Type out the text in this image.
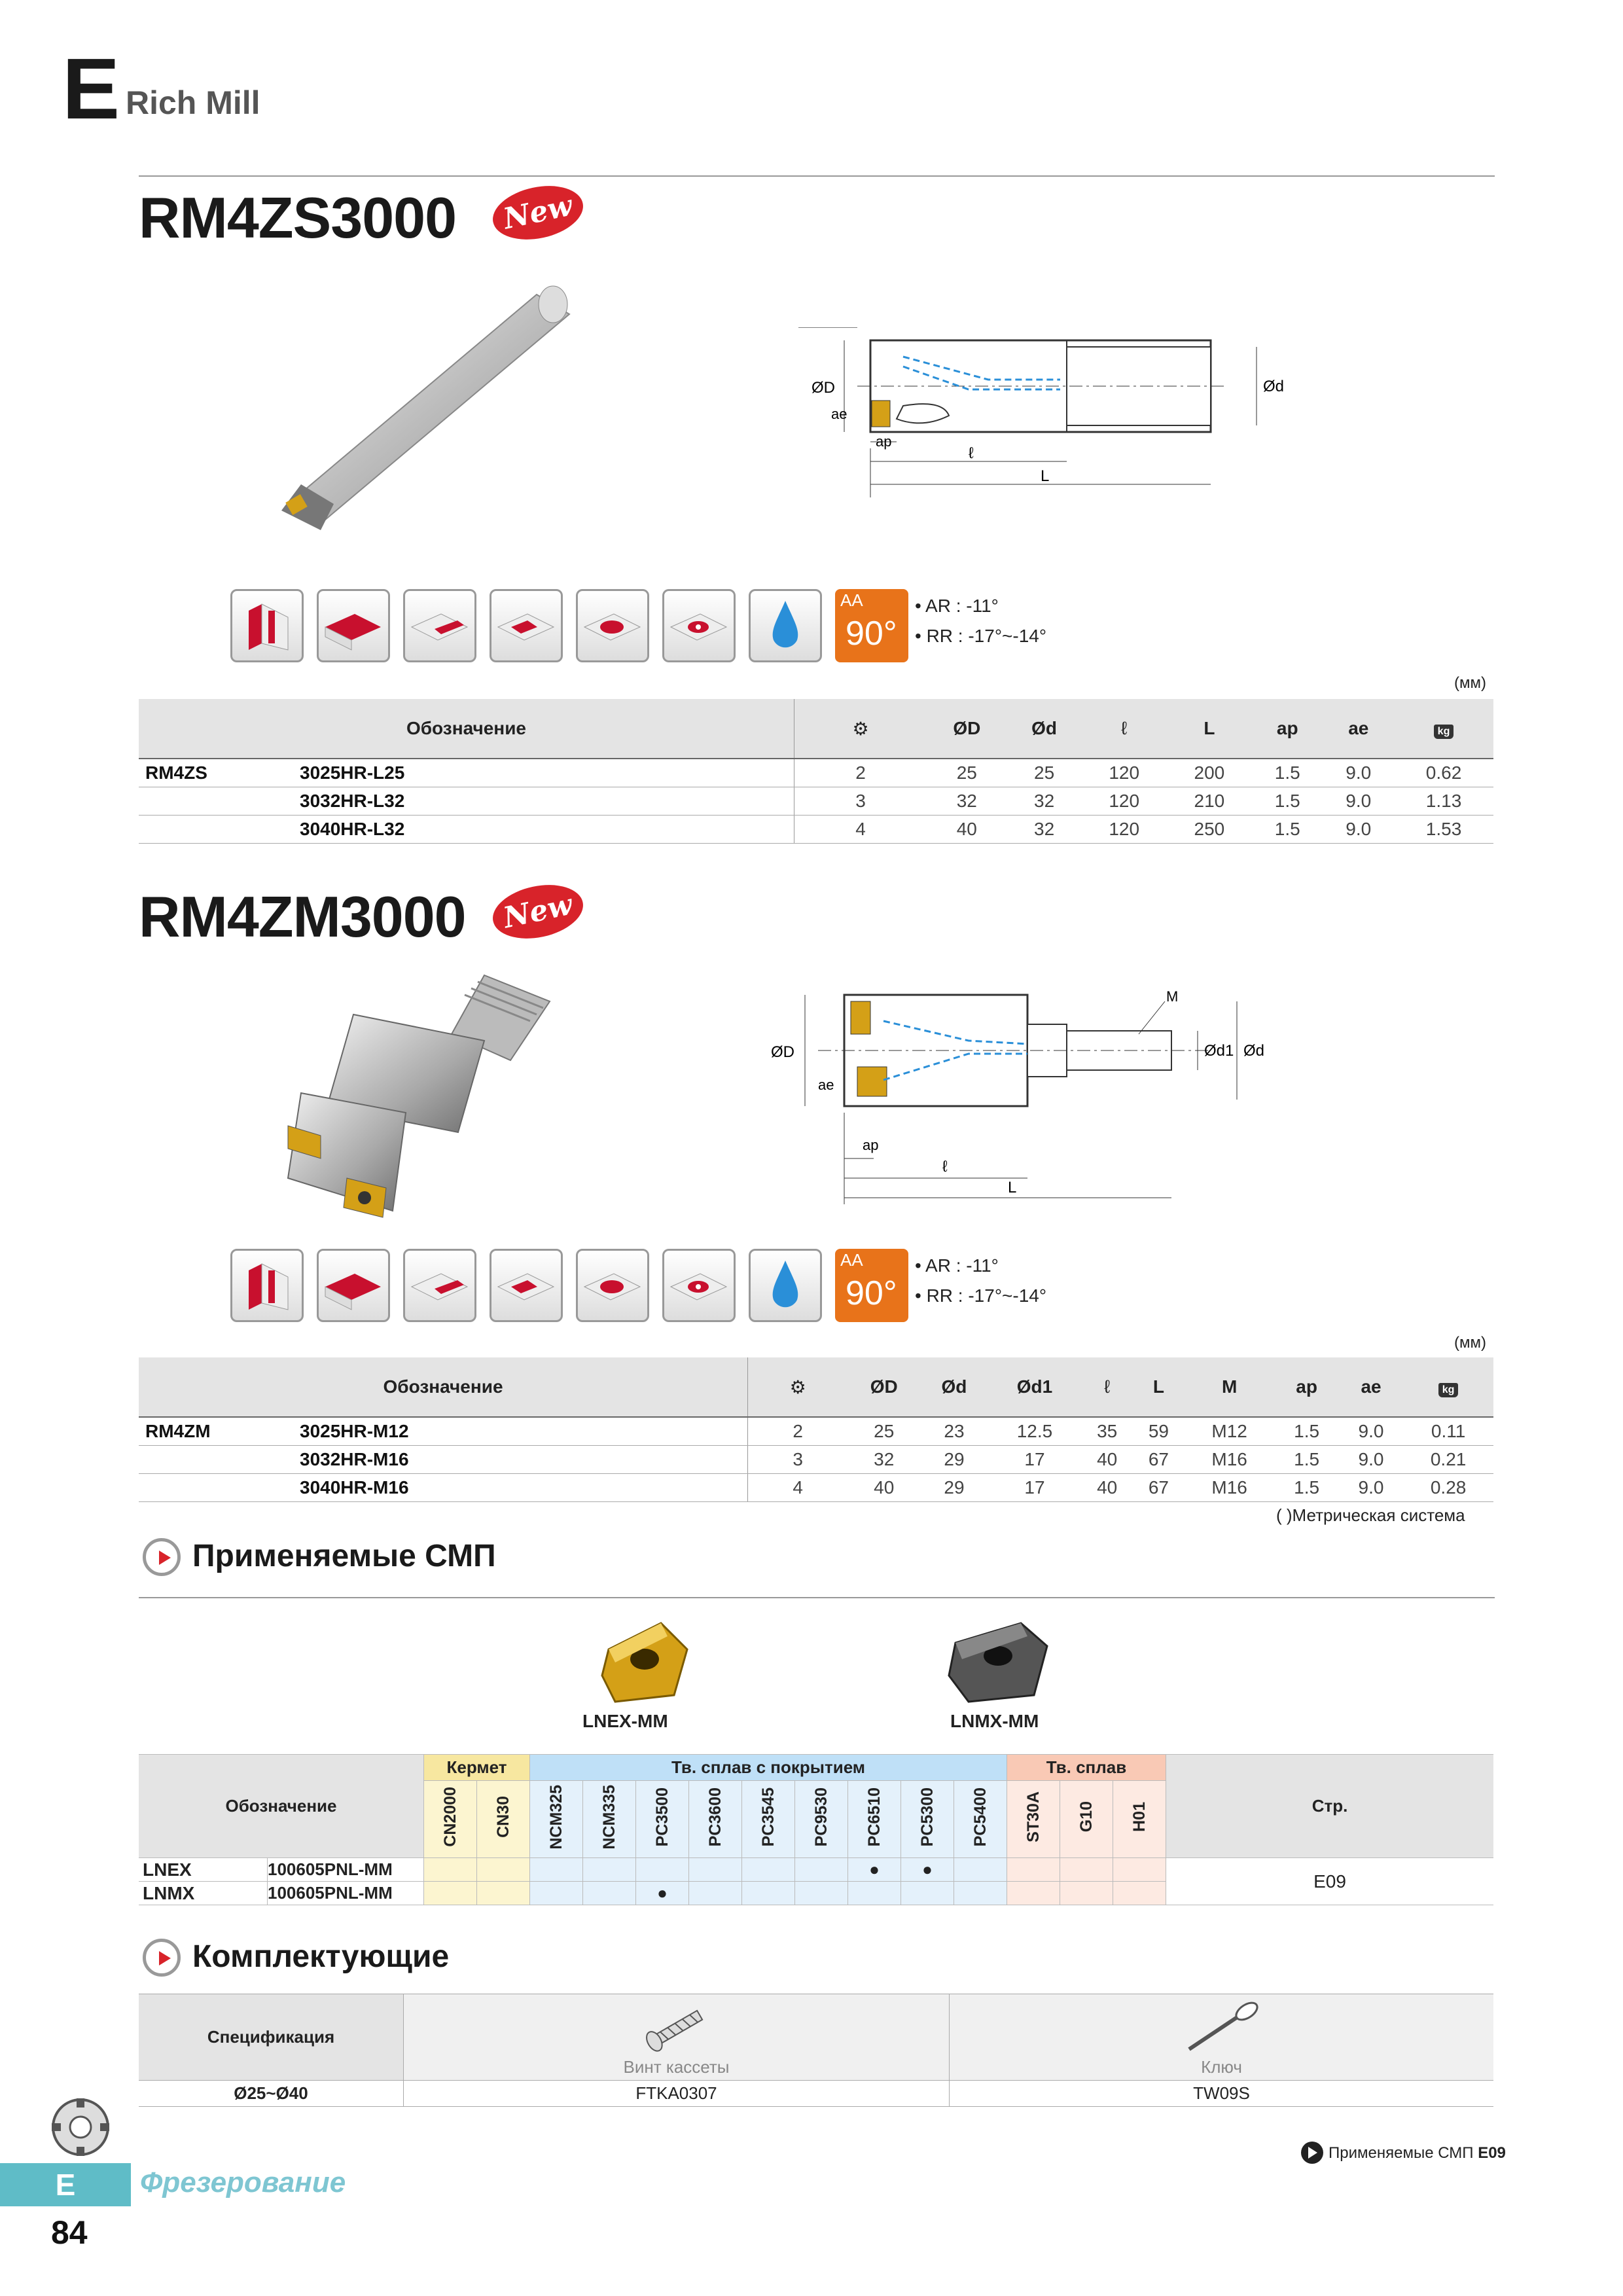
E Rich Mill
RM4ZS3000	New
ØD	Ød
ae
ap
ℓ
L
AA
90°
• AR : -11°
• RR : -17°~-14°
(мм)
Обозначение		⚙	ØD	Ød	ℓ	L	ap	ae	kg
RM4ZS	3025HR-L25	2	25	25	120	200	1.5	9.0	0.62
	3032HR-L32	3	32	32	120	210	1.5	9.0	1.13
	3040HR-L32	4	40	32	120	250	1.5	9.0	1.53
RM4ZM3000	New
M
ØD	Ød1 Ød
ae
ap
ℓ
L
AA
90°
• AR : -11°
• RR : -17°~-14°
(мм)
Обозначение		⚙	ØD	Ød	Ød1	ℓ	L	M	ap	ae	kg
RM4ZM	3025HR-M12	2	25	23	12.5	35	59	M12	1.5	9.0	0.11
	3032HR-M16	3	32	29	17	40	67	M16	1.5	9.0	0.21
	3040HR-M16	4	40	29	17	40	67	M16	1.5	9.0	0.28
( )Метрическая система
Применяемые СМП
LNEX-MM	LNMX-MM
Обозначение		Кермет		Тв. сплав с покрытием									Тв. сплав			Стр.
		CN2000	CN30	NCM325	NCM335	PC3500	PC3600	PC3545	PC9530	PC6510	PC5300	PC5400	ST30A	G10	H01	
LNEX	100605PNL-MM									●	●					E09
LNMX	100605PNL-MM					●										
Комплектующие
Спецификация	Винт кассеты	Ключ
Ø25~Ø40	FTKA0307	TW09S
Применяемые СМП E09
E	Фрезерование
84
